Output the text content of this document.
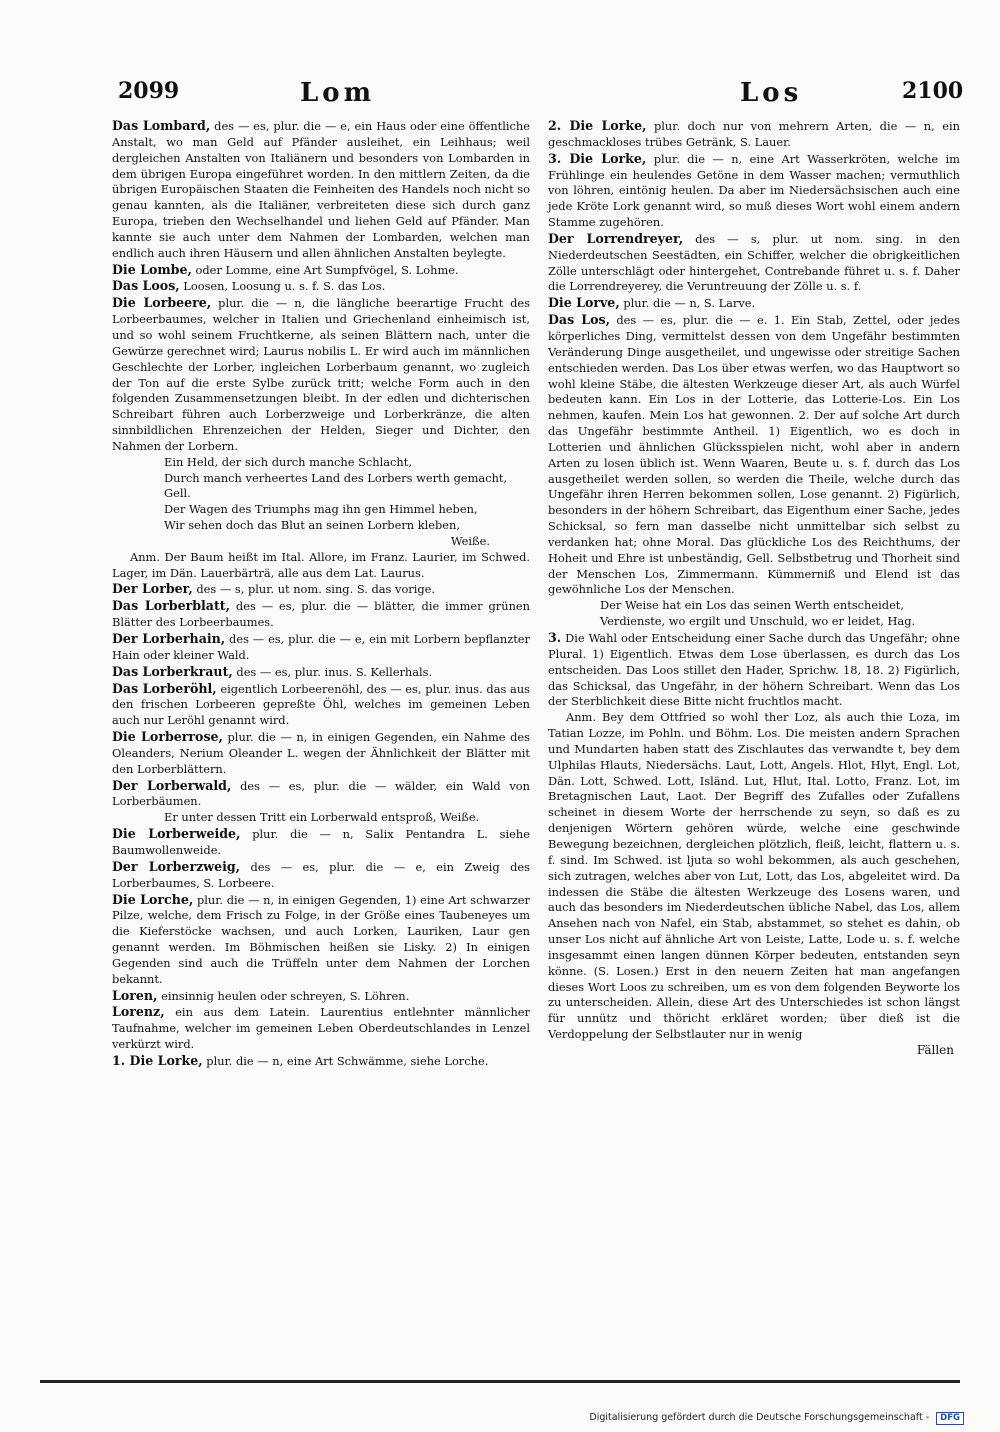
2099	Lom	Los	2100

Das Lombard, des — es, plur. die — e, ein Haus oder eine öffentliche Anstalt, wo man Geld auf Pfänder ausleihet, ein Leihhaus; weil dergleichen Anstalten von Italiänern und besonders von Lombarden in dem übrigen Europa eingeführet worden. In den mittlern Zeiten, da die übrigen Europäischen Staaten die Feinheiten des Handels noch nicht so genau kannten, als die Italiäner, verbreiteten diese sich durch ganz Europa, trieben den Wechselhandel und liehen Geld auf Pfänder. Man kannte sie auch unter dem Nahmen der Lombarden, welchen man endlich auch ihren Häusern und allen ähnlichen Anstalten beylegte.

Die Lombe, oder Lomme, eine Art Sumpfvögel, S. Lohme.

Das Loos, Loosen, Loosung u. s. f. S. das Los.

Die Lorbeere, plur. die — n, die längliche beerartige Frucht des Lorbeerbaumes, welcher in Italien und Griechenland einheimisch ist, und so wohl seinem Fruchtkerne, als seinen Blättern nach, unter die Gewürze gerechnet wird; Laurus nobilis L. Er wird auch im männlichen Geschlechte der Lorber, ingleichen Lorberbaum genannt, wo zugleich der Ton auf die erste Sylbe zurück tritt; welche Form auch in den folgenden Zusammensetzungen bleibt. In der edlen und dichterischen Schreibart führen auch Lorberzweige und Lorberkränze, die alten sinnbildlichen Ehrenzeichen der Helden, Sieger und Dichter, den Nahmen der Lorbern.

Ein Held, der sich durch manche Schlacht,

Durch manch verheertes Land des Lorbers werth gemacht, Gell.

Der Wagen des Triumphs mag ihn gen Himmel heben,

Wir sehen doch das Blut an seinen Lorbern kleben,

Weiße.

Anm. Der Baum heißt im Ital. Allore, im Franz. Laurier, im Schwed. Lager, im Dän. Lauerbärträ, alle aus dem Lat. Laurus.

Der Lorber, des — s, plur. ut nom. sing. S. das vorige.

Das Lorberblatt, des — es, plur. die — blätter, die immer grünen Blätter des Lorbeerbaumes.

Der Lorberhain, des — es, plur. die — e, ein mit Lorbern bepflanzter Hain oder kleiner Wald.

Das Lorberkraut, des — es, plur. inus. S. Kellerhals.

Das Lorberöhl, eigentlich Lorbeerenöhl, des — es, plur. inus. das aus den frischen Lorbeeren gepreßte Öhl, welches im gemeinen Leben auch nur Leröhl genannt wird.

Die Lorberrose, plur. die — n, in einigen Gegenden, ein Nahme des Oleanders, Nerium Oleander L. wegen der Ähnlichkeit der Blätter mit den Lorberblättern.

Der Lorberwald, des — es, plur. die — wälder, ein Wald von Lorberbäumen.

Er unter dessen Tritt ein Lorberwald entsproß, Weiße.

Die Lorberweide, plur. die — n, Salix Pentandra L. siehe Baumwollenweide.

Der Lorberzweig, des — es, plur. die — e, ein Zweig des Lorberbaumes, S. Lorbeere.

Die Lorche, plur. die — n, in einigen Gegenden, 1) eine Art schwarzer Pilze, welche, dem Frisch zu Folge, in der Größe eines Taubeneyes um die Kieferstöcke wachsen, und auch Lorken, Lauriken, Laur gen genannt werden. Im Böhmischen heißen sie Lisky. 2) In einigen Gegenden sind auch die Trüffeln unter dem Nahmen der Lorchen bekannt.

Loren, einsinnig heulen oder schreyen, S. Löhren.

Lorenz, ein aus dem Latein. Laurentius entlehnter männlicher Taufnahme, welcher im gemeinen Leben Oberdeutschlandes in Lenzel verkürzt wird.

1. Die Lorke, plur. die — n, eine Art Schwämme, siehe Lorche.

2. Die Lorke, plur. doch nur von mehrern Arten, die — n, ein geschmackloses trübes Getränk, S. Lauer.

3. Die Lorke, plur. die — n, eine Art Wasserkröten, welche im Frühlinge ein heulendes Getöne in dem Wasser machen; vermuthlich von löhren, eintönig heulen. Da aber im Niedersächsischen auch eine jede Kröte Lork genannt wird, so muß dieses Wort wohl einem andern Stamme zugehören.

Der Lorrendreyer, des — s, plur. ut nom. sing. in den Niederdeutschen Seestädten, ein Schiffer, welcher die obrigkeitlichen Zölle unterschlägt oder hintergehet, Contrebande führet u. s. f. Daher die Lorrendreyerey, die Veruntreuung der Zölle u. s. f.

Die Lorve, plur. die — n, S. Larve.

Das Los, des — es, plur. die — e. 1. Ein Stab, Zettel, oder jedes körperliches Ding, vermittelst dessen von dem Ungefähr bestimmten Veränderung Dinge ausgetheilet, und ungewisse oder streitige Sachen entschieden werden. Das Los über etwas werfen, wo das Hauptwort so wohl kleine Stäbe, die ältesten Werkzeuge dieser Art, als auch Würfel bedeuten kann. Ein Los in der Lotterie, das Lotterie-Los. Ein Los nehmen, kaufen. Mein Los hat gewonnen. 2. Der auf solche Art durch das Ungefähr bestimmte Antheil. 1) Eigentlich, wo es doch in Lotterien und ähnlichen Glücksspielen nicht, wohl aber in andern Arten zu losen üblich ist. Wenn Waaren, Beute u. s. f. durch das Los ausgetheilet werden sollen, so werden die Theile, welche durch das Ungefähr ihren Herren bekommen sollen, Lose genannt. 2) Figürlich, besonders in der höhern Schreibart, das Eigenthum einer Sache, jedes Schicksal, so fern man dasselbe nicht unmittelbar sich selbst zu verdanken hat; ohne Moral. Das glückliche Los des Reichthums, der Hoheit und Ehre ist unbeständig, Gell. Selbstbetrug und Thorheit sind der Menschen Los, Zimmermann. Kümmerniß und Elend ist das gewöhnliche Los der Menschen.

Der Weise hat ein Los das seinen Werth entscheidet,

Verdienste, wo ergilt und Unschuld, wo er leidet, Hag.

3. Die Wahl oder Entscheidung einer Sache durch das Ungefähr; ohne Plural. 1) Eigentlich. Etwas dem Lose überlassen, es durch das Los entscheiden. Das Loos stillet den Hader, Sprichw. 18, 18. 2) Figürlich, das Schicksal, das Ungefähr, in der höhern Schreibart. Wenn das Los der Sterblichkeit diese Bitte nicht fruchtlos macht.

Anm. Bey dem Ottfried so wohl ther Loz, als auch thie Loza, im Tatian Lozze, im Pohln. und Böhm. Los. Die meisten andern Sprachen und Mundarten haben statt des Zischlautes das verwandte t, bey dem Ulphilas Hlauts, Niedersächs. Laut, Lott, Angels. Hlot, Hlyt, Engl. Lot, Dän. Lott, Schwed. Lott, Isländ. Lut, Hlut, Ital. Lotto, Franz. Lot, im Bretagnischen Laut, Laot. Der Begriff des Zufalles oder Zufallens scheinet in diesem Worte der herrschende zu seyn, so daß es zu denjenigen Wörtern gehören würde, welche eine geschwinde Bewegung bezeichnen, dergleichen plötzlich, fleiß, leicht, flattern u. s. f. sind. Im Schwed. ist ljuta so wohl bekommen, als auch geschehen, sich zutragen, welches aber von Lut, Lott, das Los, abgeleitet wird. Da indessen die Stäbe die ältesten Werkzeuge des Losens waren, und auch das besonders im Niederdeutschen übliche Nabel, das Los, allem Ansehen nach von Nafel, ein Stab, abstammet, so stehet es dahin, ob unser Los nicht auf ähnliche Art von Leiste, Latte, Lode u. s. f. welche insgesammt einen langen dünnen Körper bedeuten, entstanden seyn könne. (S. Losen.) Erst in den neuern Zeiten hat man angefangen dieses Wort Loos zu schreiben, um es von dem folgenden Beyworte los zu unterscheiden. Allein, diese Art des Unterschiedes ist schon längst für unnütz und thöricht erkläret worden; über dieß ist die Verdoppelung der Selbstlauter nur in wenig

Fällen

Digitalisierung gefördert durch die Deutsche Forschungsgemeinschaft - DFG
